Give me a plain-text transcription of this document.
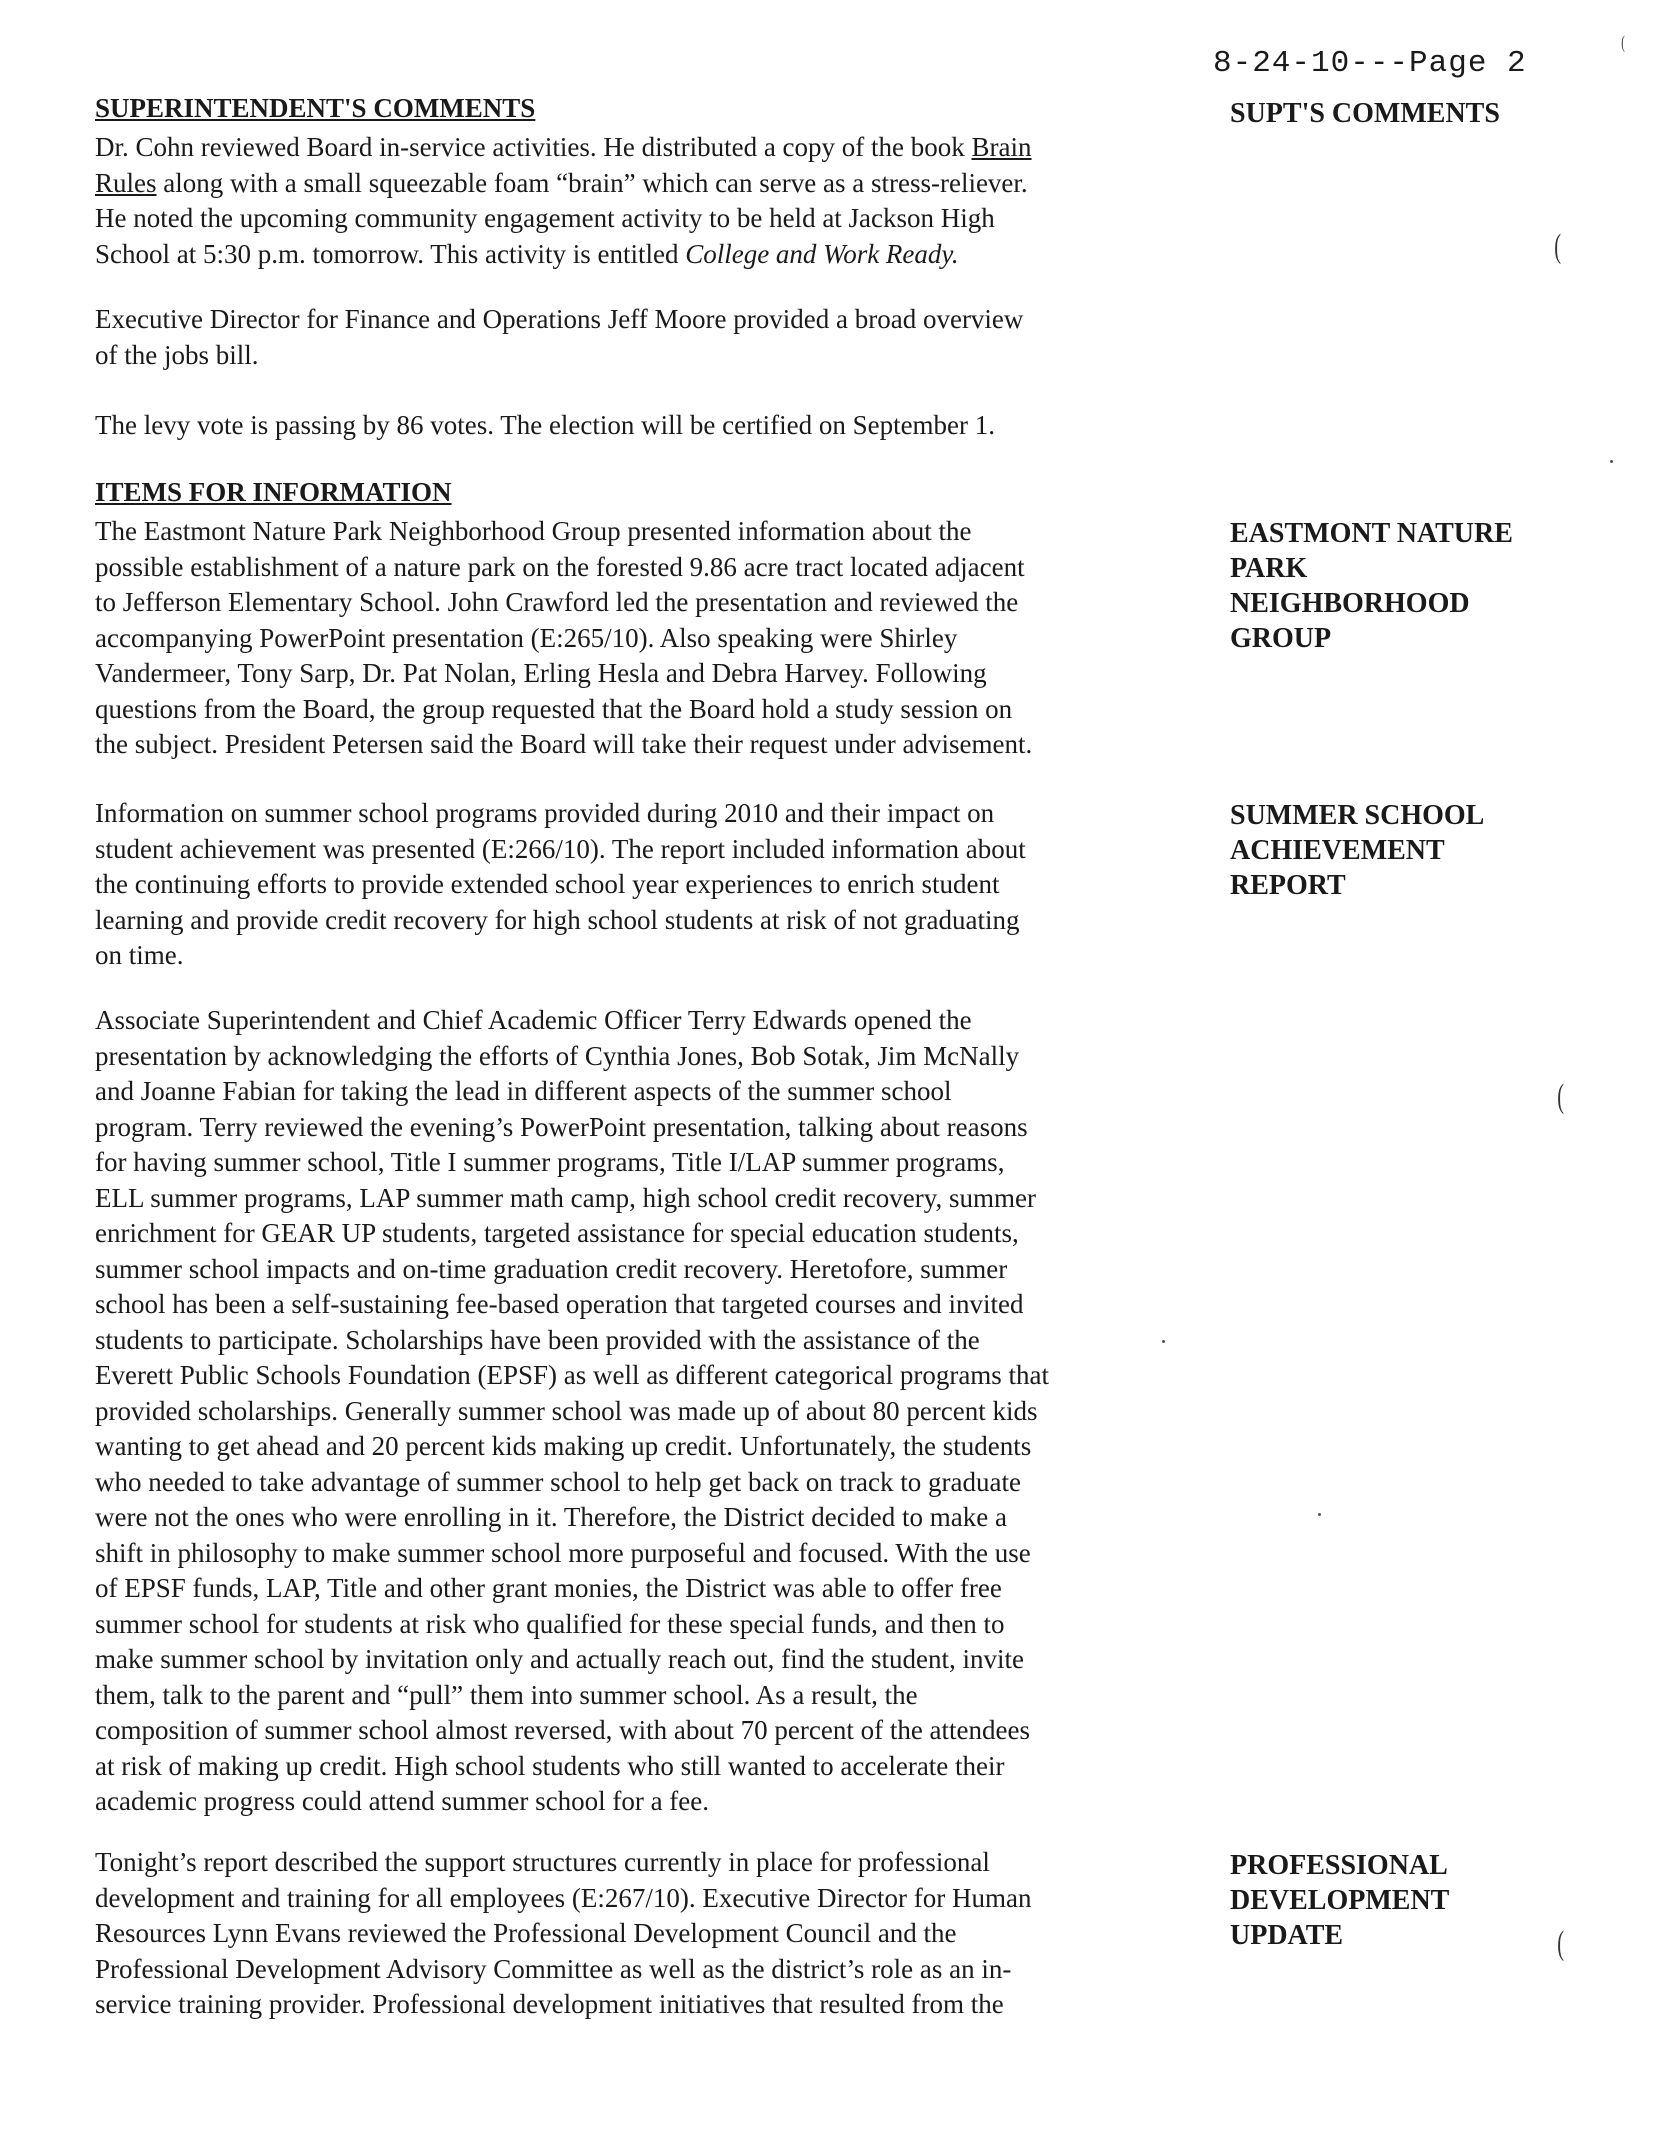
8-24-10---Page 2
SUPERINTENDENT'S COMMENTS
Dr. Cohn reviewed Board in-service activities. He distributed a copy of the book Brain
Rules along with a small squeezable foam “brain” which can serve as a stress-reliever.
He noted the upcoming community engagement activity to be held at Jackson High
School at 5:30 p.m. tomorrow. This activity is entitled College and Work Ready.
Executive Director for Finance and Operations Jeff Moore provided a broad overview
of the jobs bill.
The levy vote is passing by 86 votes. The election will be certified on September 1.
ITEMS FOR INFORMATION
The Eastmont Nature Park Neighborhood Group presented information about the
possible establishment of a nature park on the forested 9.86 acre tract located adjacent
to Jefferson Elementary School. John Crawford led the presentation and reviewed the
accompanying PowerPoint presentation (E:265/10). Also speaking were Shirley
Vandermeer, Tony Sarp, Dr. Pat Nolan, Erling Hesla and Debra Harvey. Following
questions from the Board, the group requested that the Board hold a study session on
the subject. President Petersen said the Board will take their request under advisement.
Information on summer school programs provided during 2010 and their impact on
student achievement was presented (E:266/10). The report included information about
the continuing efforts to provide extended school year experiences to enrich student
learning and provide credit recovery for high school students at risk of not graduating
on time.
Associate Superintendent and Chief Academic Officer Terry Edwards opened the
presentation by acknowledging the efforts of Cynthia Jones, Bob Sotak, Jim McNally
and Joanne Fabian for taking the lead in different aspects of the summer school
program. Terry reviewed the evening’s PowerPoint presentation, talking about reasons
for having summer school, Title I summer programs, Title I/LAP summer programs,
ELL summer programs, LAP summer math camp, high school credit recovery, summer
enrichment for GEAR UP students, targeted assistance for special education students,
summer school impacts and on-time graduation credit recovery. Heretofore, summer
school has been a self-sustaining fee-based operation that targeted courses and invited
students to participate. Scholarships have been provided with the assistance of the
Everett Public Schools Foundation (EPSF) as well as different categorical programs that
provided scholarships. Generally summer school was made up of about 80 percent kids
wanting to get ahead and 20 percent kids making up credit. Unfortunately, the students
who needed to take advantage of summer school to help get back on track to graduate
were not the ones who were enrolling in it. Therefore, the District decided to make a
shift in philosophy to make summer school more purposeful and focused. With the use
of EPSF funds, LAP, Title and other grant monies, the District was able to offer free
summer school for students at risk who qualified for these special funds, and then to
make summer school by invitation only and actually reach out, find the student, invite
them, talk to the parent and “pull” them into summer school. As a result, the
composition of summer school almost reversed, with about 70 percent of the attendees
at risk of making up credit. High school students who still wanted to accelerate their
academic progress could attend summer school for a fee.
Tonight’s report described the support structures currently in place for professional
development and training for all employees (E:267/10). Executive Director for Human
Resources Lynn Evans reviewed the Professional Development Council and the
Professional Development Advisory Committee as well as the district’s role as an in-
service training provider. Professional development initiatives that resulted from the
SUPT'S COMMENTS
EASTMONT NATURE
PARK
NEIGHBORHOOD
GROUP
SUMMER SCHOOL
ACHIEVEMENT
REPORT
PROFESSIONAL
DEVELOPMENT
UPDATE
(
(
(
(
